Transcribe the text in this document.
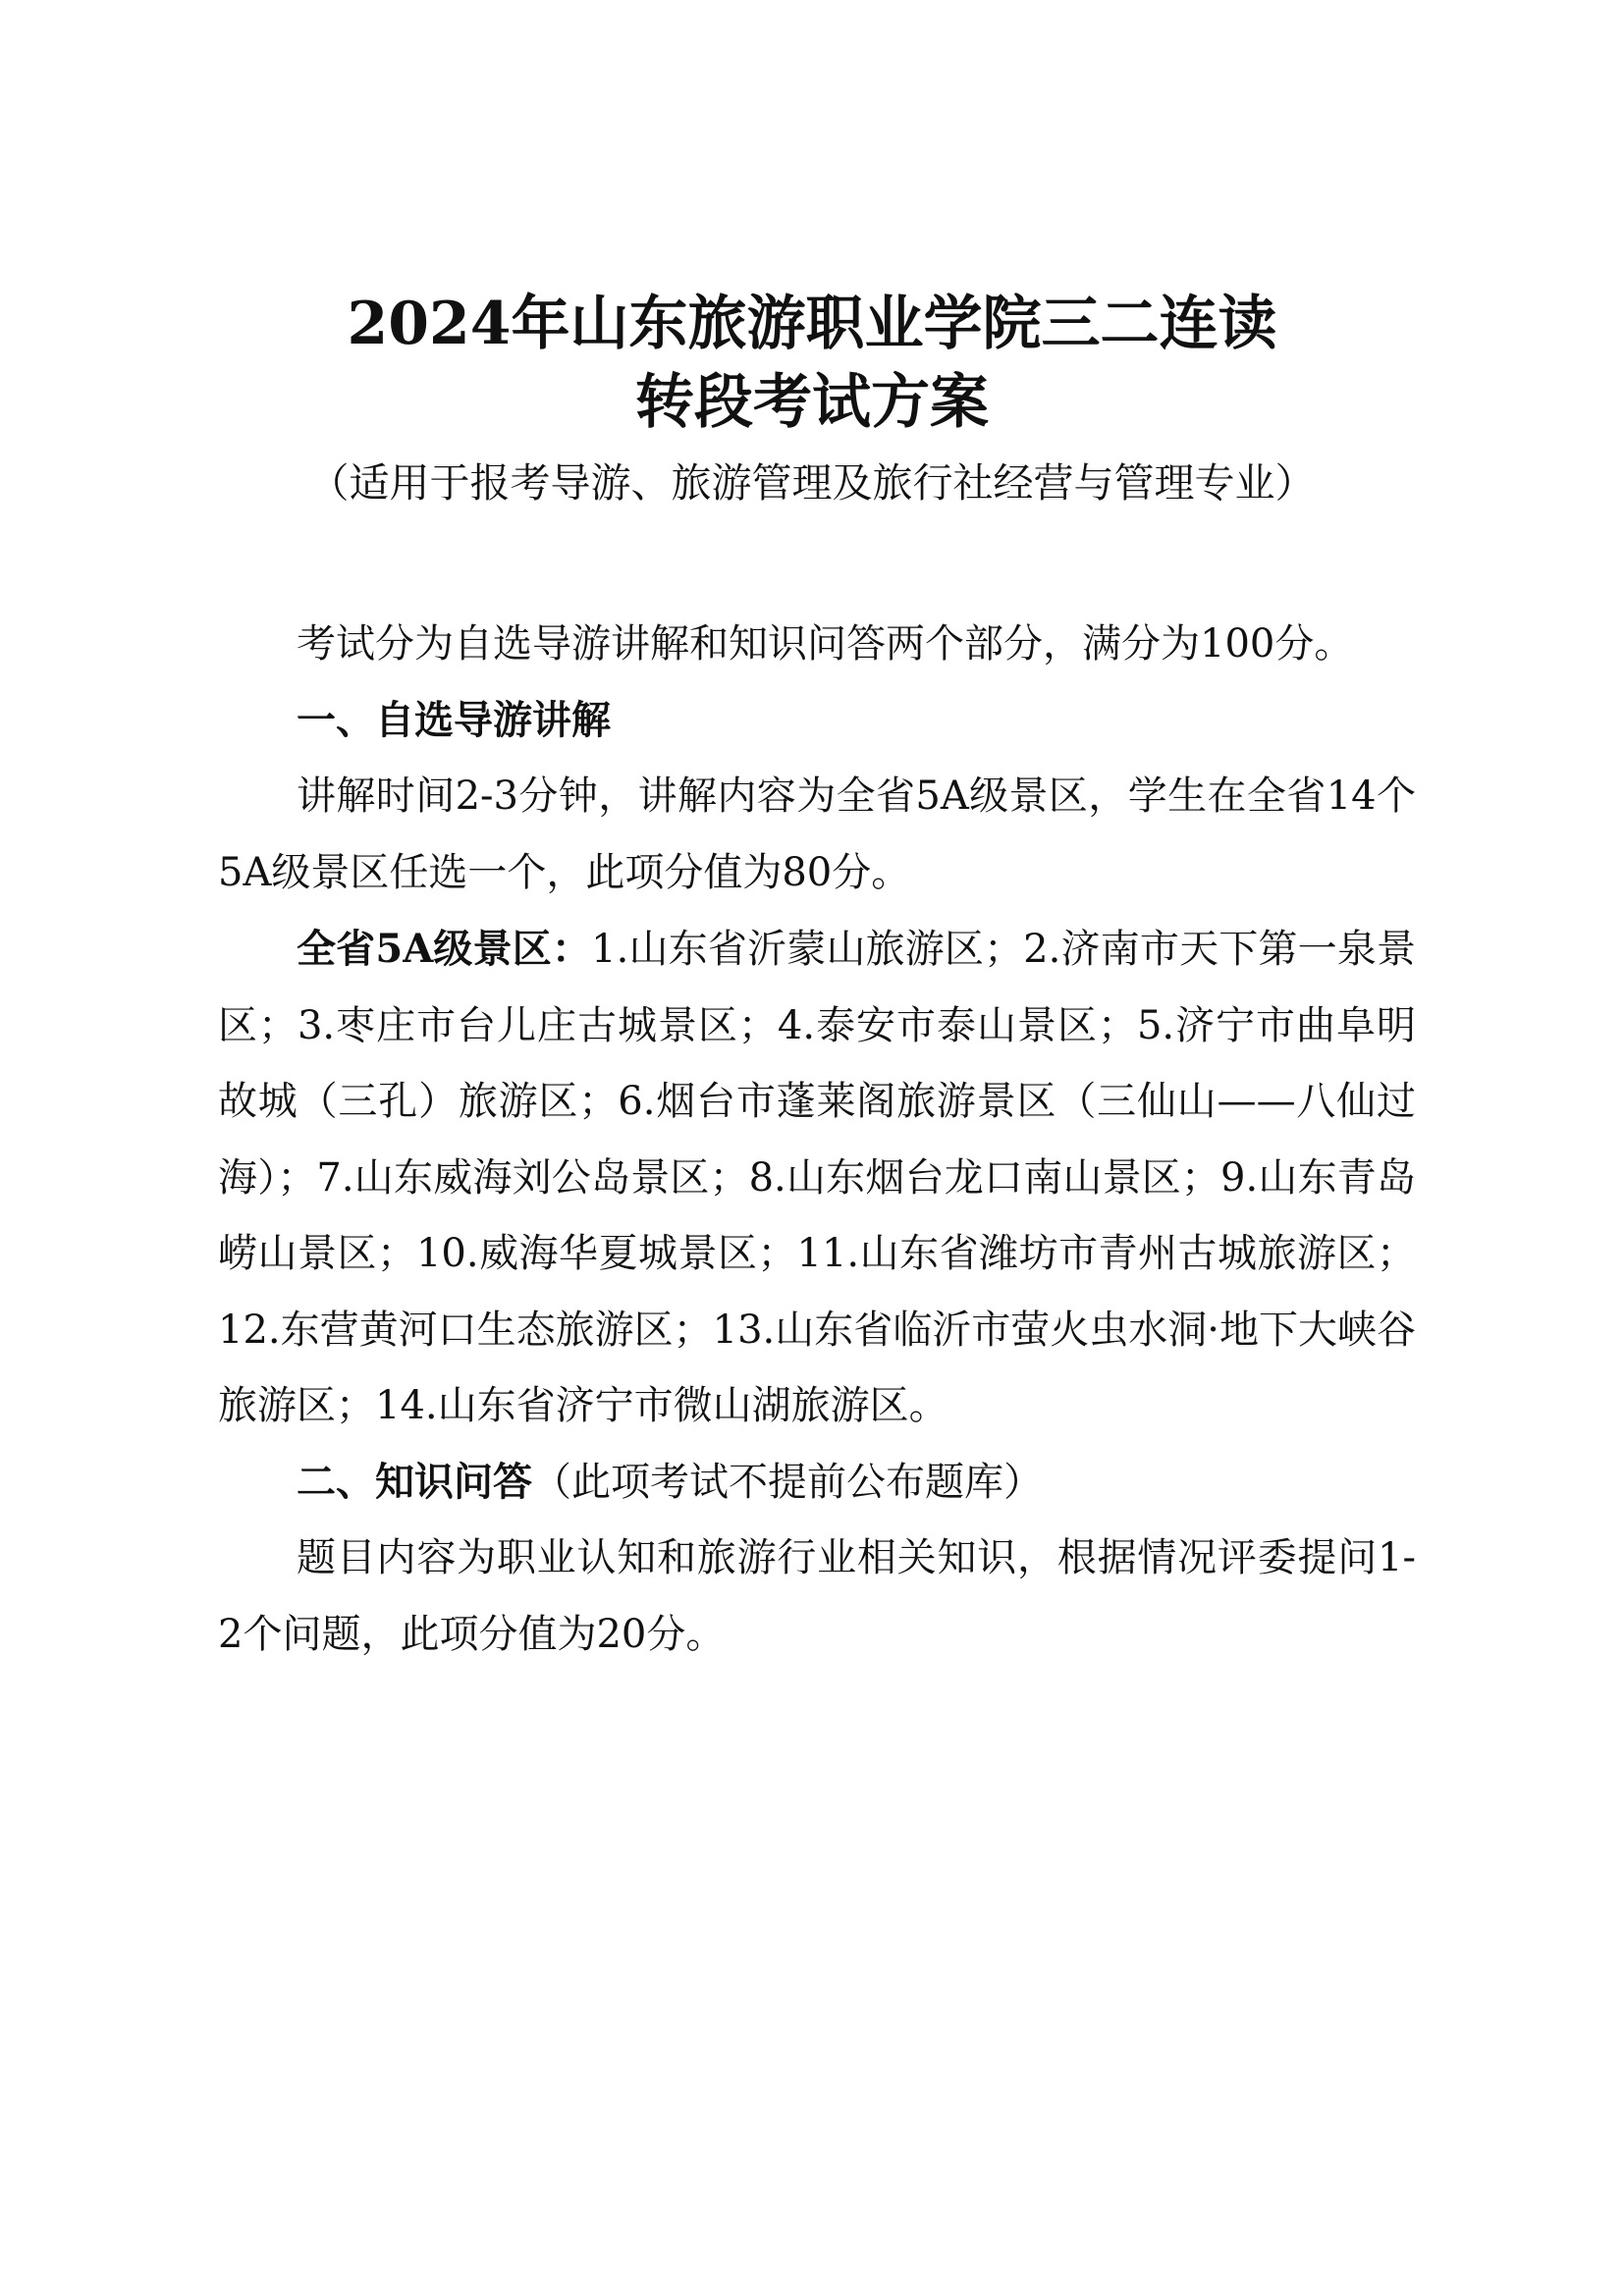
2024年山东旅游职业学院三二连读
转段考试方案

（适用于报考导游、旅游管理及旅行社经营与管理专业）

考试分为自选导游讲解和知识问答两个部分，满分为100分。

一、自选导游讲解

讲解时间2-3分钟，讲解内容为全省5A级景区，学生在全省14个5A级景区任选一个，此项分值为80分。

全省5A级景区：1.山东省沂蒙山旅游区；2.济南市天下第一泉景区；3.枣庄市台儿庄古城景区；4.泰安市泰山景区；5.济宁市曲阜明故城（三孔）旅游区；6.烟台市蓬莱阁旅游景区（三仙山——八仙过海）；7.山东威海刘公岛景区；8.山东烟台龙口南山景区；9.山东青岛崂山景区；10.威海华夏城景区；11.山东省潍坊市青州古城旅游区；12.东营黄河口生态旅游区；13.山东省临沂市萤火虫水洞·地下大峡谷旅游区；14.山东省济宁市微山湖旅游区。

二、知识问答（此项考试不提前公布题库）

题目内容为职业认知和旅游行业相关知识，根据情况评委提问1-2个问题，此项分值为20分。
